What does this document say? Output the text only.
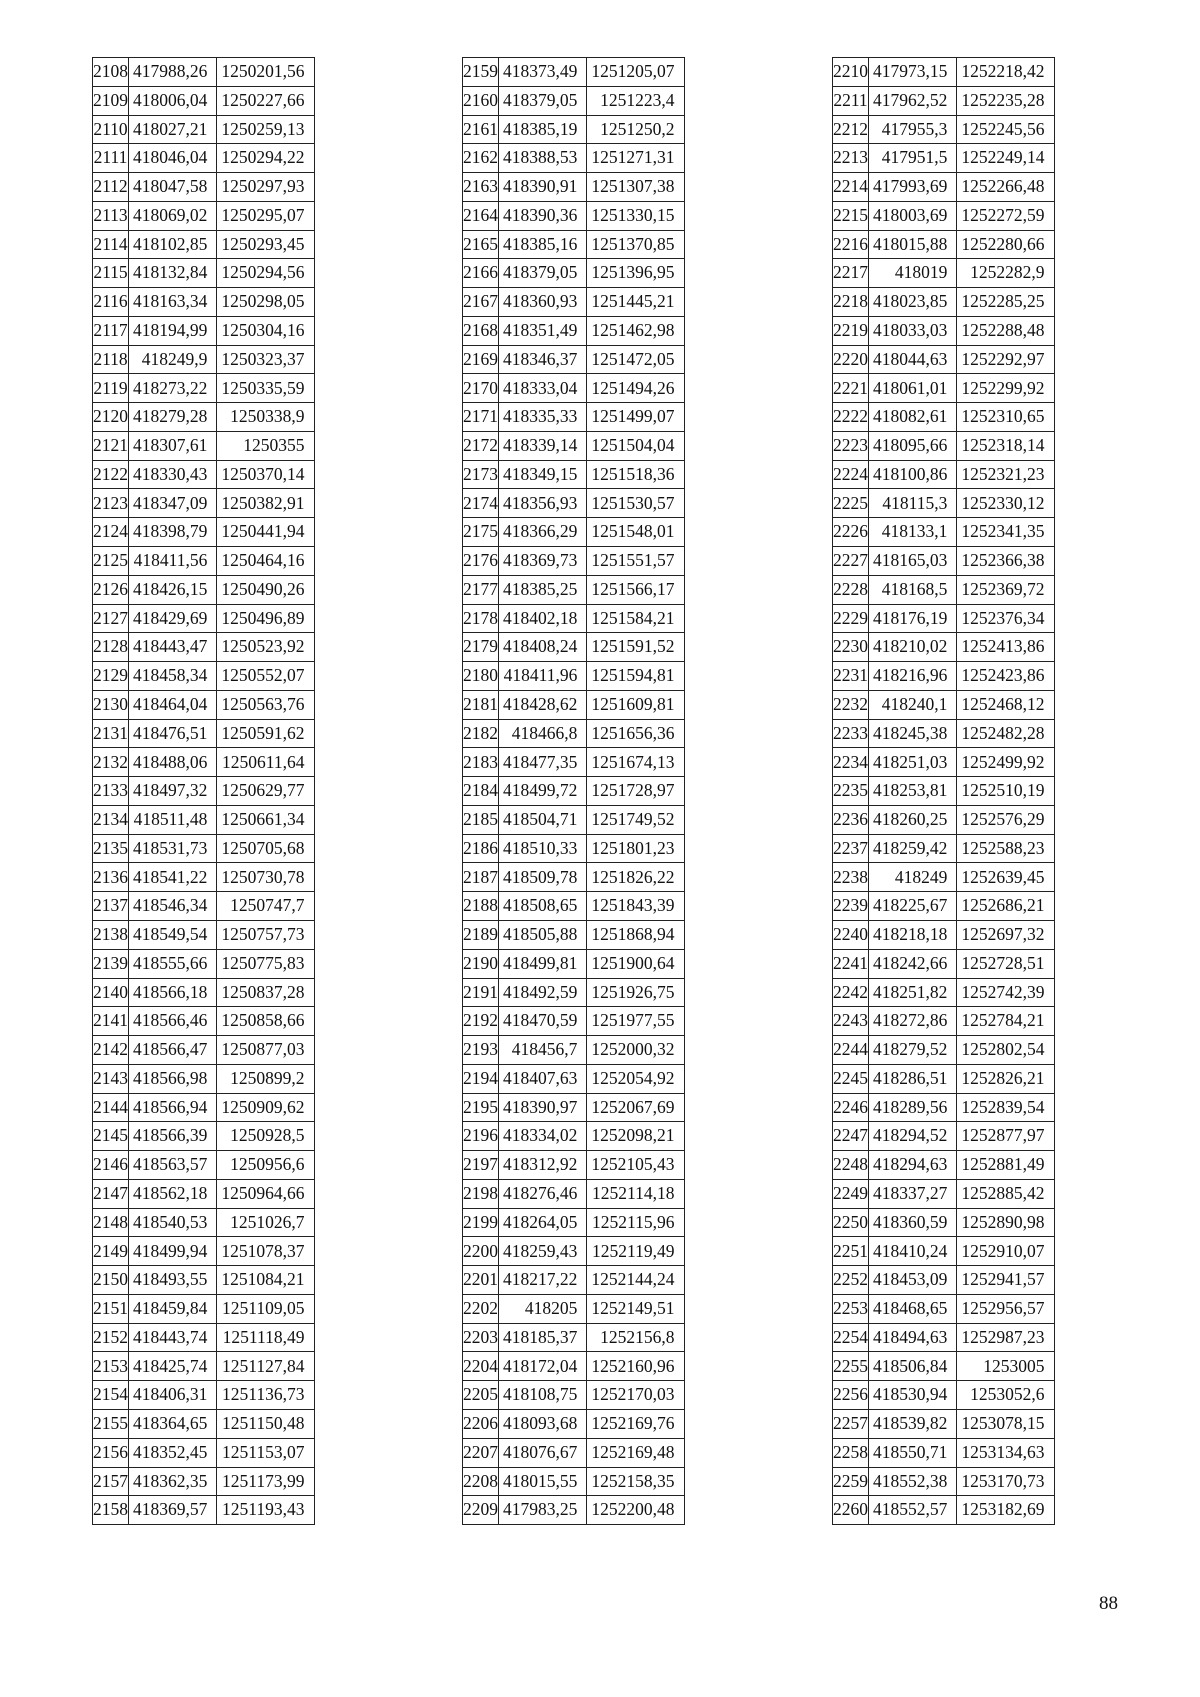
2108	417988,26	1250201,56
2109	418006,04	1250227,66
2110	418027,21	1250259,13
2111	418046,04	1250294,22
2112	418047,58	1250297,93
2113	418069,02	1250295,07
2114	418102,85	1250293,45
2115	418132,84	1250294,56
2116	418163,34	1250298,05
2117	418194,99	1250304,16
2118	418249,9	1250323,37
2119	418273,22	1250335,59
2120	418279,28	1250338,9
2121	418307,61	1250355
2122	418330,43	1250370,14
2123	418347,09	1250382,91
2124	418398,79	1250441,94
2125	418411,56	1250464,16
2126	418426,15	1250490,26
2127	418429,69	1250496,89
2128	418443,47	1250523,92
2129	418458,34	1250552,07
2130	418464,04	1250563,76
2131	418476,51	1250591,62
2132	418488,06	1250611,64
2133	418497,32	1250629,77
2134	418511,48	1250661,34
2135	418531,73	1250705,68
2136	418541,22	1250730,78
2137	418546,34	1250747,7
2138	418549,54	1250757,73
2139	418555,66	1250775,83
2140	418566,18	1250837,28
2141	418566,46	1250858,66
2142	418566,47	1250877,03
2143	418566,98	1250899,2
2144	418566,94	1250909,62
2145	418566,39	1250928,5
2146	418563,57	1250956,6
2147	418562,18	1250964,66
2148	418540,53	1251026,7
2149	418499,94	1251078,37
2150	418493,55	1251084,21
2151	418459,84	1251109,05
2152	418443,74	1251118,49
2153	418425,74	1251127,84
2154	418406,31	1251136,73
2155	418364,65	1251150,48
2156	418352,45	1251153,07
2157	418362,35	1251173,99
2158	418369,57	1251193,43
2159	418373,49	1251205,07
2160	418379,05	1251223,4
2161	418385,19	1251250,2
2162	418388,53	1251271,31
2163	418390,91	1251307,38
2164	418390,36	1251330,15
2165	418385,16	1251370,85
2166	418379,05	1251396,95
2167	418360,93	1251445,21
2168	418351,49	1251462,98
2169	418346,37	1251472,05
2170	418333,04	1251494,26
2171	418335,33	1251499,07
2172	418339,14	1251504,04
2173	418349,15	1251518,36
2174	418356,93	1251530,57
2175	418366,29	1251548,01
2176	418369,73	1251551,57
2177	418385,25	1251566,17
2178	418402,18	1251584,21
2179	418408,24	1251591,52
2180	418411,96	1251594,81
2181	418428,62	1251609,81
2182	418466,8	1251656,36
2183	418477,35	1251674,13
2184	418499,72	1251728,97
2185	418504,71	1251749,52
2186	418510,33	1251801,23
2187	418509,78	1251826,22
2188	418508,65	1251843,39
2189	418505,88	1251868,94
2190	418499,81	1251900,64
2191	418492,59	1251926,75
2192	418470,59	1251977,55
2193	418456,7	1252000,32
2194	418407,63	1252054,92
2195	418390,97	1252067,69
2196	418334,02	1252098,21
2197	418312,92	1252105,43
2198	418276,46	1252114,18
2199	418264,05	1252115,96
2200	418259,43	1252119,49
2201	418217,22	1252144,24
2202	418205	1252149,51
2203	418185,37	1252156,8
2204	418172,04	1252160,96
2205	418108,75	1252170,03
2206	418093,68	1252169,76
2207	418076,67	1252169,48
2208	418015,55	1252158,35
2209	417983,25	1252200,48
2210	417973,15	1252218,42
2211	417962,52	1252235,28
2212	417955,3	1252245,56
2213	417951,5	1252249,14
2214	417993,69	1252266,48
2215	418003,69	1252272,59
2216	418015,88	1252280,66
2217	418019	1252282,9
2218	418023,85	1252285,25
2219	418033,03	1252288,48
2220	418044,63	1252292,97
2221	418061,01	1252299,92
2222	418082,61	1252310,65
2223	418095,66	1252318,14
2224	418100,86	1252321,23
2225	418115,3	1252330,12
2226	418133,1	1252341,35
2227	418165,03	1252366,38
2228	418168,5	1252369,72
2229	418176,19	1252376,34
2230	418210,02	1252413,86
2231	418216,96	1252423,86
2232	418240,1	1252468,12
2233	418245,38	1252482,28
2234	418251,03	1252499,92
2235	418253,81	1252510,19
2236	418260,25	1252576,29
2237	418259,42	1252588,23
2238	418249	1252639,45
2239	418225,67	1252686,21
2240	418218,18	1252697,32
2241	418242,66	1252728,51
2242	418251,82	1252742,39
2243	418272,86	1252784,21
2244	418279,52	1252802,54
2245	418286,51	1252826,21
2246	418289,56	1252839,54
2247	418294,52	1252877,97
2248	418294,63	1252881,49
2249	418337,27	1252885,42
2250	418360,59	1252890,98
2251	418410,24	1252910,07
2252	418453,09	1252941,57
2253	418468,65	1252956,57
2254	418494,63	1252987,23
2255	418506,84	1253005
2256	418530,94	1253052,6
2257	418539,82	1253078,15
2258	418550,71	1253134,63
2259	418552,38	1253170,73
2260	418552,57	1253182,69
88
